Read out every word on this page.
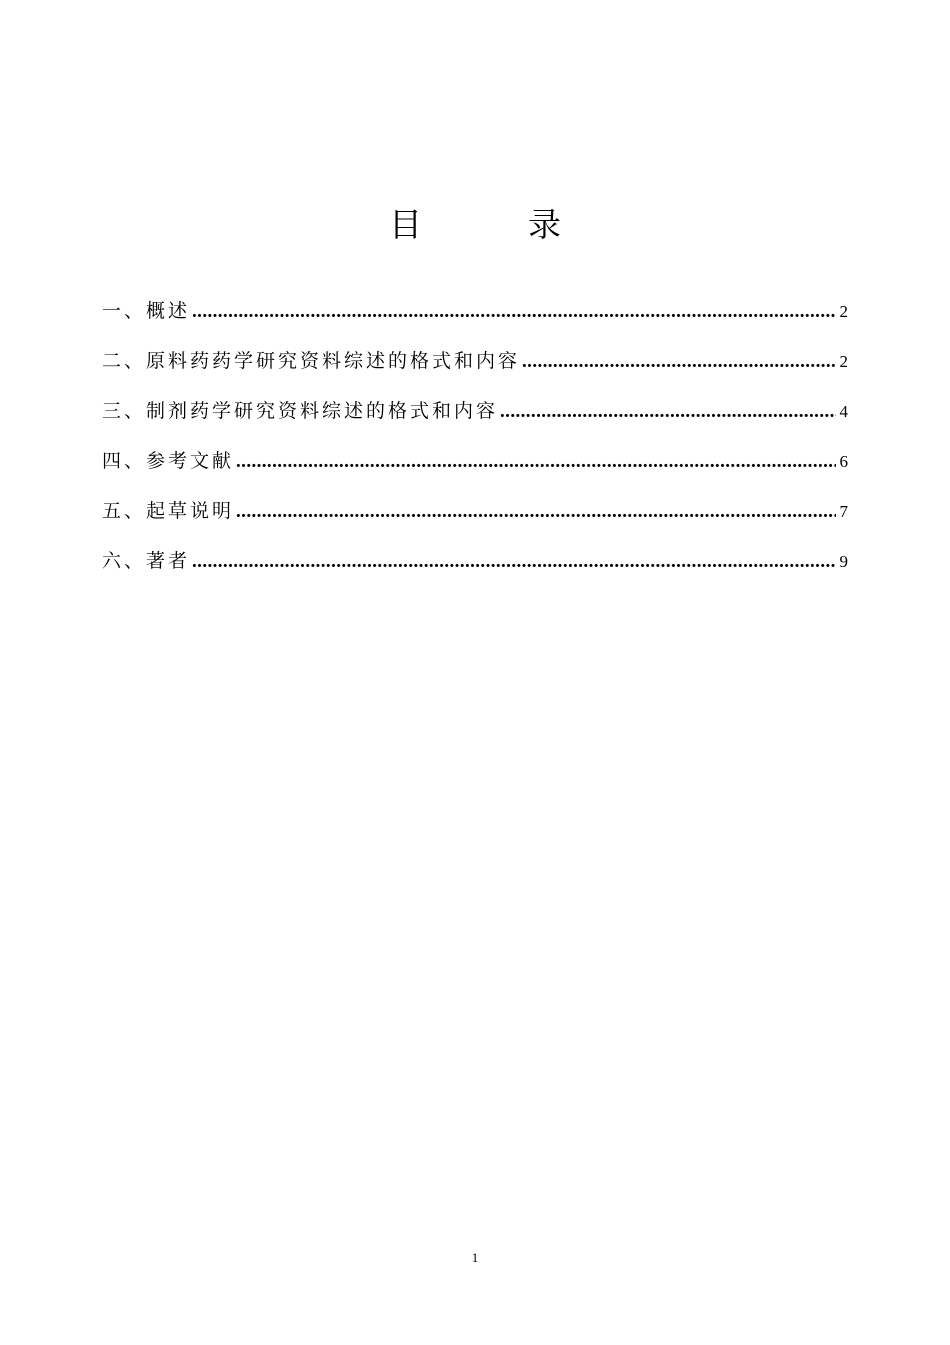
目	录
一、概述 .....	2
二、原料药药学研究资料综述的格式和内容 .....	2
三、制剂药学研究资料综述的格式和内容 .....	4
四、参考文献 .....	6
五、起草说明 .....	7
六、著者 .....	9
1
